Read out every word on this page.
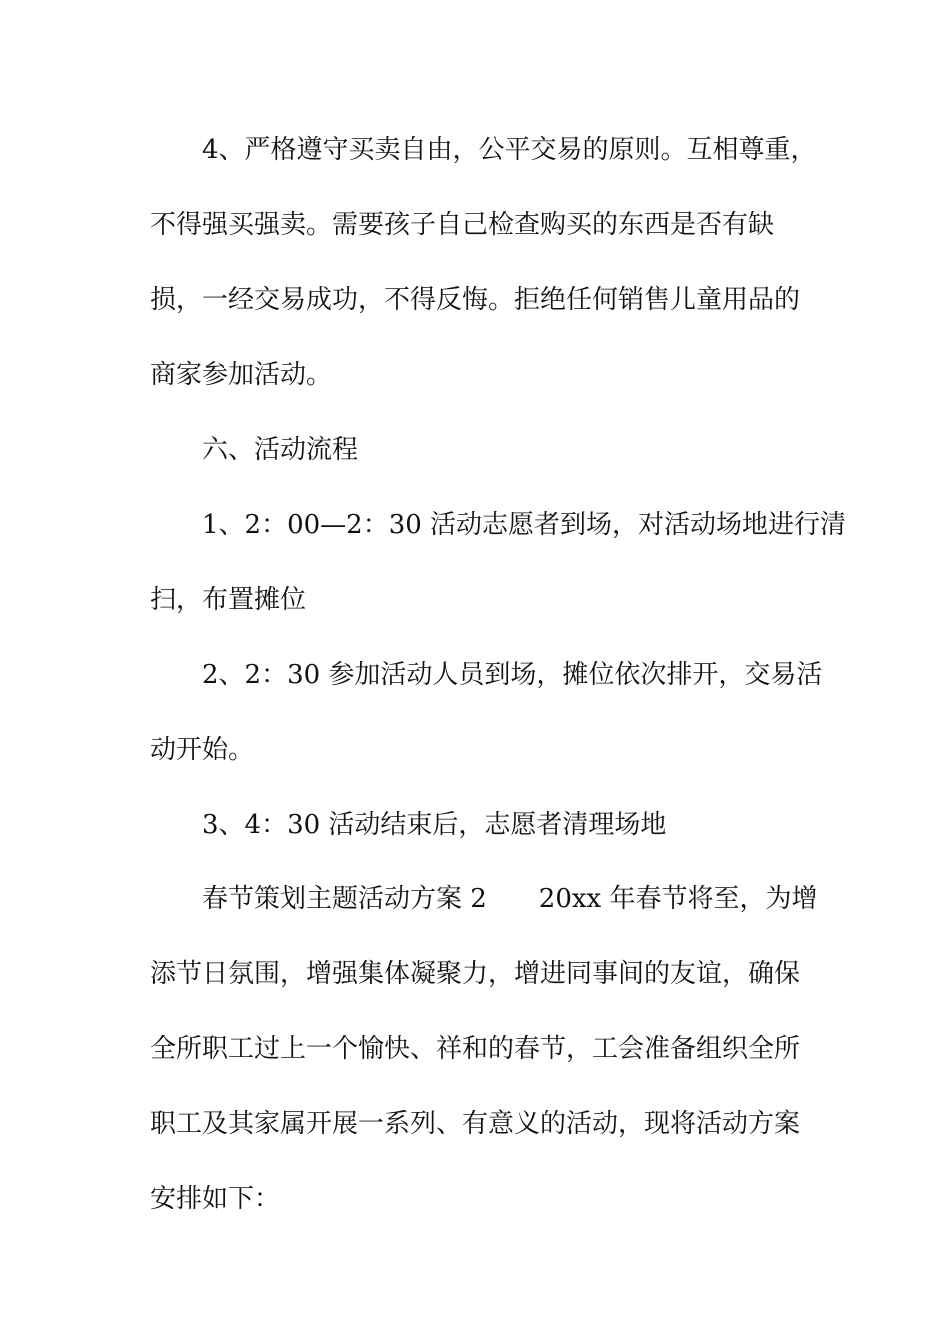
4、严格遵守买卖自由，公平交易的原则。互相尊重，
不得强买强卖。需要孩子自己检查购买的东西是否有缺
损，一经交易成功，不得反悔。拒绝任何销售儿童用品的
商家参加活动。
六、活动流程
1、2：00—2：30 活动志愿者到场，对活动场地进行清
扫，布置摊位
2、2：30 参加活动人员到场，摊位依次排开，交易活
动开始。
3、4：30 活动结束后，志愿者清理场地
春节策划主题活动方案 2　　20xx 年春节将至，为增
添节日氛围，增强集体凝聚力，增进同事间的友谊，确保
全所职工过上一个愉快、祥和的春节，工会准备组织全所
职工及其家属开展一系列、有意义的活动，现将活动方案
安排如下：
